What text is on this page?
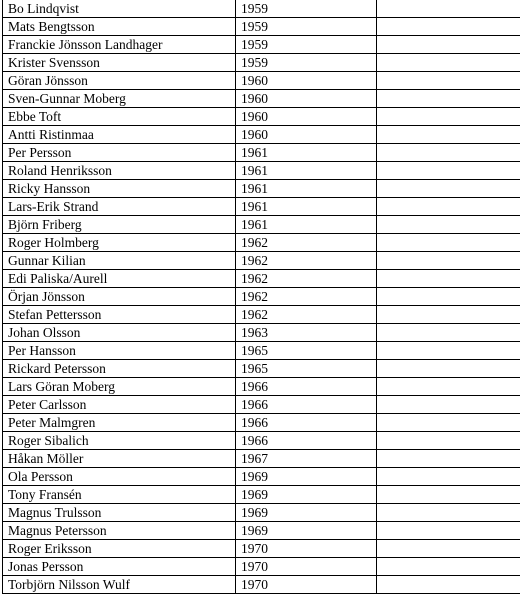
Bo Lindqvist	1959	
Mats Bengtsson	1959	
Franckie Jönsson Landhager	1959	
Krister Svensson	1959	
Göran Jönsson	1960	
Sven-Gunnar Moberg	1960	
Ebbe Toft	1960	
Antti Ristinmaa	1960	
Per Persson	1961	
Roland Henriksson	1961	
Ricky Hansson	1961	
Lars-Erik Strand	1961	
Björn Friberg	1961	
Roger Holmberg	1962	
Gunnar Kilian	1962	
Edi Paliska/Aurell	1962	
Örjan Jönsson	1962	
Stefan Pettersson	1962	
Johan Olsson	1963	
Per Hansson	1965	
Rickard Petersson	1965	
Lars Göran Moberg	1966	
Peter Carlsson	1966	
Peter Malmgren	1966	
Roger Sibalich	1966	
Håkan Möller	1967	
Ola Persson	1969	
Tony Fransén	1969	
Magnus Trulsson	1969	
Magnus Petersson	1969	
Roger Eriksson	1970	
Jonas Persson	1970	
Torbjörn Nilsson Wulf	1970	
